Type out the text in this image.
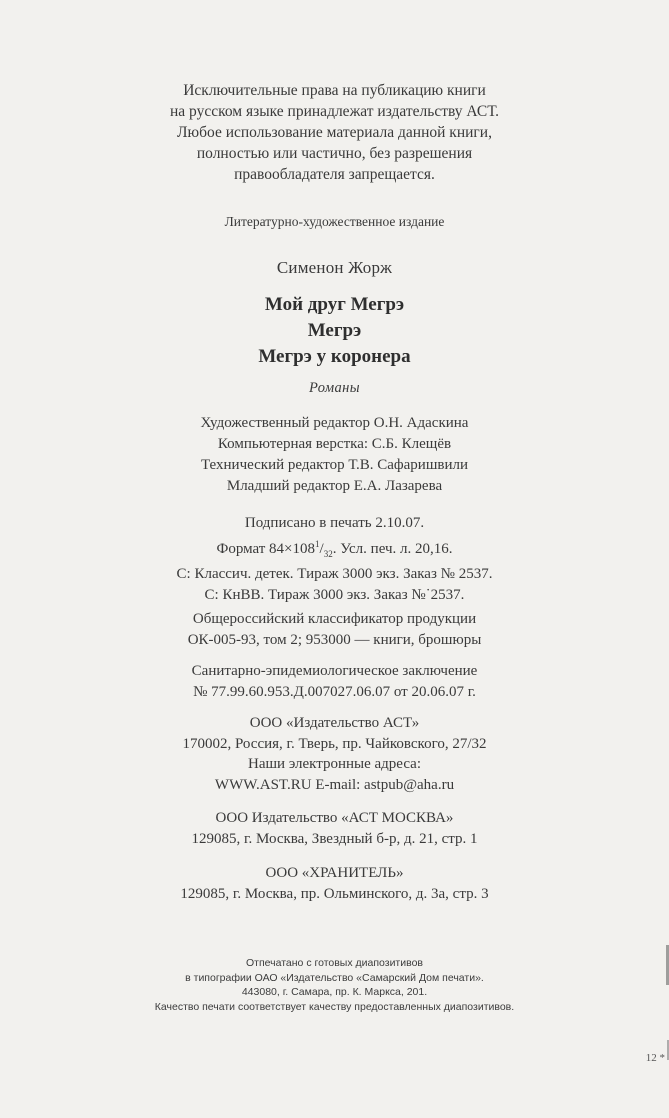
Исключительные права на публикацию книги
на русском языке принадлежат издательству АСТ.
Любое использование материала данной книги,
полностью или частично, без разрешения
правообладателя запрещается.
Литературно-художественное издание
Сименон Жорж
Мой друг Мегрэ
Мегрэ
Мегрэ у коронера
Романы
Художественный редактор О.Н. Адаскина
Компьютерная верстка: С.Б. Клещёв
Технический редактор Т.В. Сафаришвили
Младший редактор Е.А. Лазарева
Подписано в печать 2.10.07.
Формат $84\times 108^1/_{32}$. Усл. печ. л. 20,16.
С: Классич. детек. Тираж 3000 экз. Заказ № 2537.
С: КнВВ. Тираж 3000 экз. Заказ №˙2537.
Общероссийский классификатор продукции
ОК-005-93, том 2; 953000 — книги, брошюры
Санитарно-эпидемиологическое заключение
№ 77.99.60.953.Д.007027.06.07 от 20.06.07 г.
ООО «Издательство АСТ»
170002, Россия, г. Тверь, пр. Чайковского, 27/32
Наши электронные адреса:
WWW.AST.RU E-mail: astpub@aha.ru
ООО Издательство «АСТ МОСКВА»
129085, г. Москва, Звездный б-р, д. 21, стр. 1
ООО «ХРАНИТЕЛЬ»
129085, г. Москва, пр. Ольминского, д. 3а, стр. 3
Отпечатано с готовых диапозитивов
в типографии ОАО «Издательство «Самарский Дом печати».
443080, г. Самара, пр. К. Маркса, 201.
Качество печати соответствует качеству предоставленных диапозитивов.
12 *
